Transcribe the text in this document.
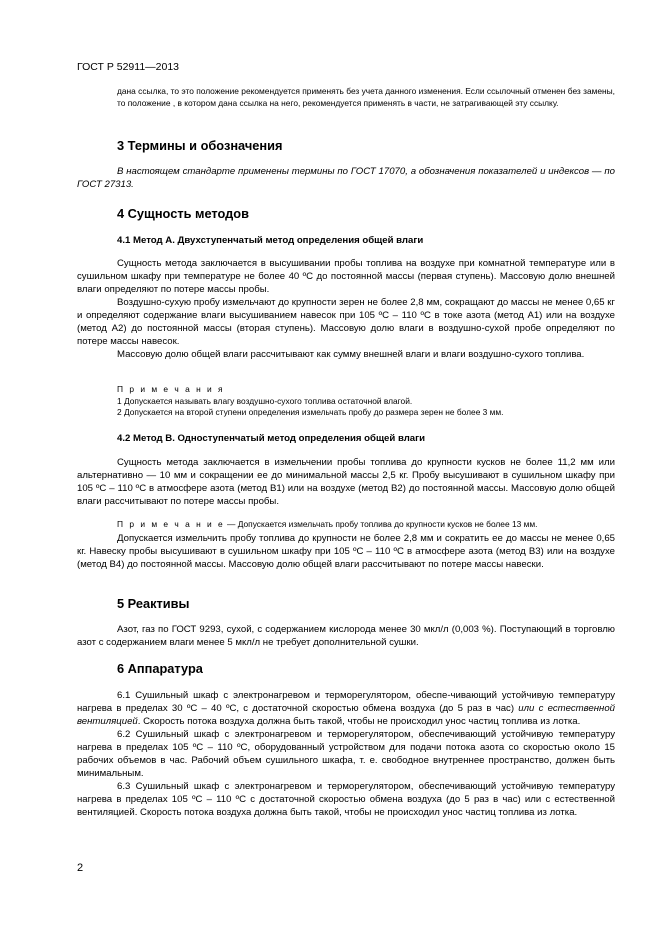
ГОСТ Р 52911—2013

дана ссылка, то это положение рекомендуется применять без учета данного изменения. Если ссылочный отменен без замены, то положение , в котором дана ссылка на него, рекомендуется применять в части, не затрагивающей эту ссылку.

3 Термины и обозначения

В настоящем стандарте применены термины по ГОСТ 17070, а обозначения показателей и индексов — по ГОСТ 27313.

4 Сущность методов
4.1 Метод А. Двухступенчатый метод определения общей влаги

Сущность метода заключается в высушивании пробы топлива на воздухе при комнатной температуре или в сушильном шкафу при температуре не более 40 ºС до постоянной массы (первая ступень). Массовую долю внешней влаги определяют по потере массы пробы.

Воздушно-сухую пробу измельчают до крупности зерен не более 2,8 мм, сокращают до массы не менее 0,65 кг и определяют содержание влаги высушиванием навесок при 105 ºС – 110 ºС в токе азота (метод А1) или на воздухе (метод А2) до постоянной массы (вторая ступень). Массовую долю влаги в воздушно-сухой пробе определяют по потере массы навесок.

Массовую долю общей влаги рассчитывают как сумму внешней влаги и влаги воздушно-сухого топлива.

П р и м е ч а н и я

1 Допускается называть влагу воздушно-сухого топлива остаточной влагой.

2 Допускается на второй ступени определения измельчать пробу до размера зерен не более 3 мм.

4.2 Метод В. Одноступенчатый метод определения общей влаги

Сущность метода заключается в измельчении пробы топлива до крупности кусков не более 11,2 мм или альтернативно — 10 мм и сокращении ее до минимальной массы 2,5 кг. Пробу высушивают в сушильном шкафу при 105 ºС – 110 ºС в атмосфере азота (метод В1) или на воздухе (метод В2) до постоянной массы. Массовую долю общей влаги рассчитывают по потере массы пробы.

П р и м е ч а н и е — Допускается измельчать пробу топлива до крупности кусков не более 13 мм.

Допускается измельчить пробу топлива до крупности не более 2,8 мм и сократить ее до массы не менее 0,65 кг. Навеску пробы высушивают в сушильном шкафу при 105 ºС – 110 ºС в атмосфере азота (метод В3) или на воздухе (метод В4) до постоянной массы. Массовую долю общей влаги рассчитывают по потере массы навески.

5 Реактивы

Азот, газ по ГОСТ 9293, сухой, с содержанием кислорода менее 30 мкл/л (0,003 %). Поступающий в торговлю азот с содержанием влаги менее 5 мкл/л не требует дополнительной сушки.

6 Аппаратура

6.1 Сушильный шкаф с электронагревом и терморегулятором, обеспе-чивающий устойчивую температуру нагрева в пределах 30 ºС – 40 ºС, с достаточной скоростью обмена воздуха (до 5 раз в час) или с естественной вентиляцией. Скорость потока воздуха должна быть такой, чтобы не происходил унос частиц топлива из лотка.

6.2 Сушильный шкаф с электронагревом и терморегулятором, обеспечивающий устойчивую температуру нагрева в пределах 105 ºС – 110 ºС, оборудованный устройством для подачи потока азота со скоростью около 15 рабочих объемов в час. Рабочий объем сушильного шкафа, т. е. свободное внутреннее пространство, должен быть минимальным.

6.3 Сушильный шкаф с электронагревом и терморегулятором, обеспечивающий устойчивую температуру нагрева в пределах 105 ºС – 110 ºС с достаточной скоростью обмена воздуха (до 5 раз в час) или с естественной вентиляцией. Скорость потока воздуха должна быть такой, чтобы не происходил унос частиц топлива из лотка.

2
